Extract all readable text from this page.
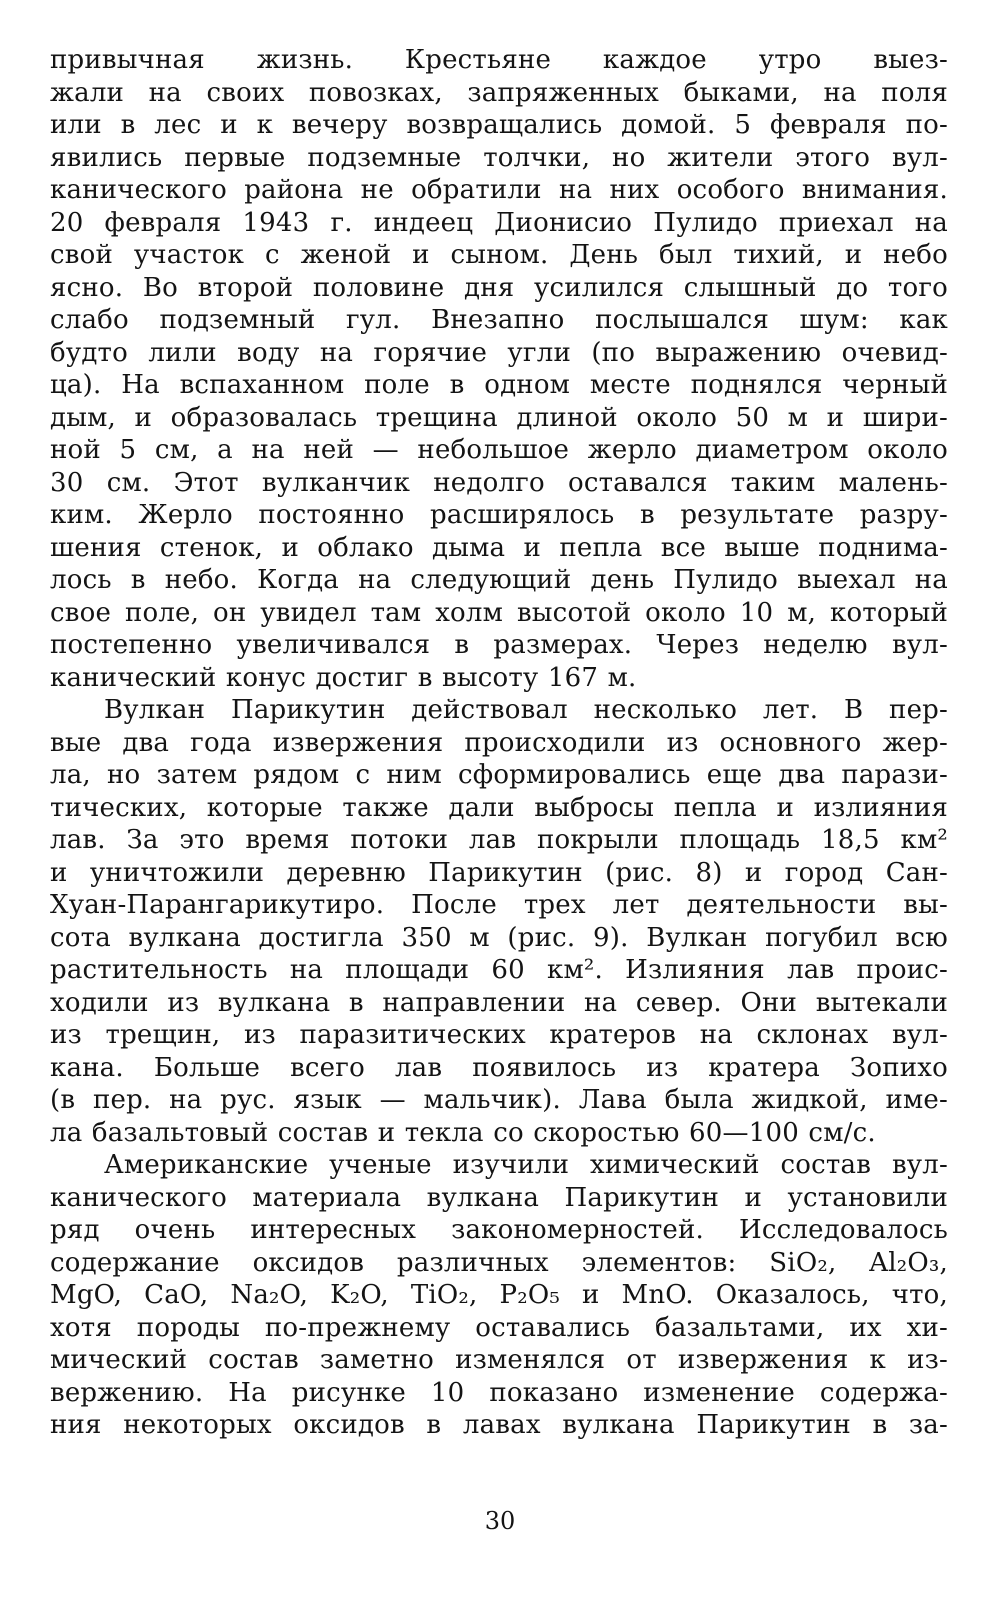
привычная жизнь. Крестьяне каждое утро выез-
жали на своих повозках, запряженных быками, на поля
или в лес и к вечеру возвращались домой. 5 февраля по-
явились первые подземные толчки, но жители этого вул-
канического района не обратили на них особого внимания.
20 февраля 1943 г. индеец Дионисио Пулидо приехал на
свой участок с женой и сыном. День был тихий, и небо
ясно. Во второй половине дня усилился слышный до того
слабо подземный гул. Внезапно послышался шум: как
будто лили воду на горячие угли (по выражению очевид-
ца). На вспаханном поле в одном месте поднялся черный
дым, и образовалась трещина длиной около 50 м и шири-
ной 5 см, а на ней — небольшое жерло диаметром около
30 см. Этот вулканчик недолго оставался таким малень-
ким. Жерло постоянно расширялось в результате разру-
шения стенок, и облако дыма и пепла все выше поднима-
лось в небо. Когда на следующий день Пулидо выехал на
свое поле, он увидел там холм высотой около 10 м, который
постепенно увеличивался в размерах. Через неделю вул-
канический конус достиг в высоту 167 м.
Вулкан Парикутин действовал несколько лет. В пер-
вые два года извержения происходили из основного жер-
ла, но затем рядом с ним сформировались еще два парази-
тических, которые также дали выбросы пепла и излияния
лав. За это время потоки лав покрыли площадь 18,5 км²
и уничтожили деревню Парикутин (рис. 8) и город Сан-
Хуан-Парангарикутиро. После трех лет деятельности вы-
сота вулкана достигла 350 м (рис. 9). Вулкан погубил всю
растительность на площади 60 км². Излияния лав проис-
ходили из вулкана в направлении на север. Они вытекали
из трещин, из паразитических кратеров на склонах вул-
кана. Больше всего лав появилось из кратера Зопихо
(в пер. на рус. язык — мальчик). Лава была жидкой, име-
ла базальтовый состав и текла со скоростью 60—100 см/с.
Американские ученые изучили химический состав вул-
канического материала вулкана Парикутин и установили
ряд очень интересных закономерностей. Исследовалось
содержание оксидов различных элементов: SiO₂, Al₂O₃,
MgO, CaO, Na₂O, K₂O, TiO₂, P₂O₅ и MnO. Оказалось, что,
хотя породы по-прежнему оставались базальтами, их хи-
мический состав заметно изменялся от извержения к из-
вержению. На рисунке 10 показано изменение содержа-
ния некоторых оксидов в лавах вулкана Парикутин в за-
30
